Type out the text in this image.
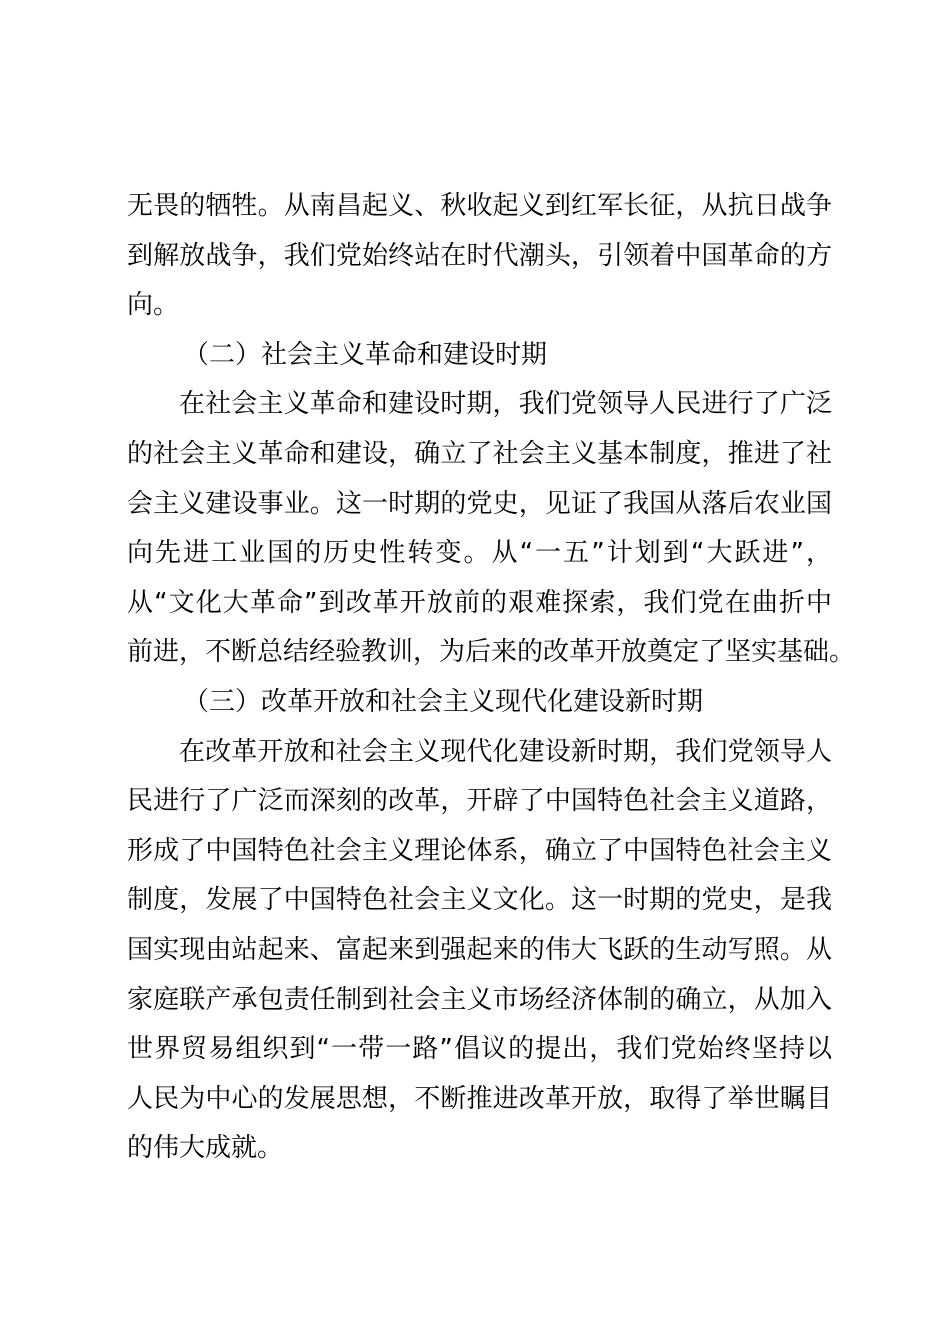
无畏的牺牲。从南昌起义、秋收起义到红军长征，从抗日战争
到解放战争，我们党始终站在时代潮头，引领着中国革命的方
向。
（二）社会主义革命和建设时期
在社会主义革命和建设时期，我们党领导人民进行了广泛
的社会主义革命和建设，确立了社会主义基本制度，推进了社
会主义建设事业。这一时期的党史，见证了我国从落后农业国
向先进工业国的历史性转变。从“一五”计划到“大跃进”，
从“文化大革命”到改革开放前的艰难探索，我们党在曲折中
前进，不断总结经验教训，为后来的改革开放奠定了坚实基础。
（三）改革开放和社会主义现代化建设新时期
在改革开放和社会主义现代化建设新时期，我们党领导人
民进行了广泛而深刻的改革，开辟了中国特色社会主义道路，
形成了中国特色社会主义理论体系，确立了中国特色社会主义
制度，发展了中国特色社会主义文化。这一时期的党史，是我
国实现由站起来、富起来到强起来的伟大飞跃的生动写照。从
家庭联产承包责任制到社会主义市场经济体制的确立，从加入
世界贸易组织到“一带一路”倡议的提出，我们党始终坚持以
人民为中心的发展思想，不断推进改革开放，取得了举世瞩目
的伟大成就。
